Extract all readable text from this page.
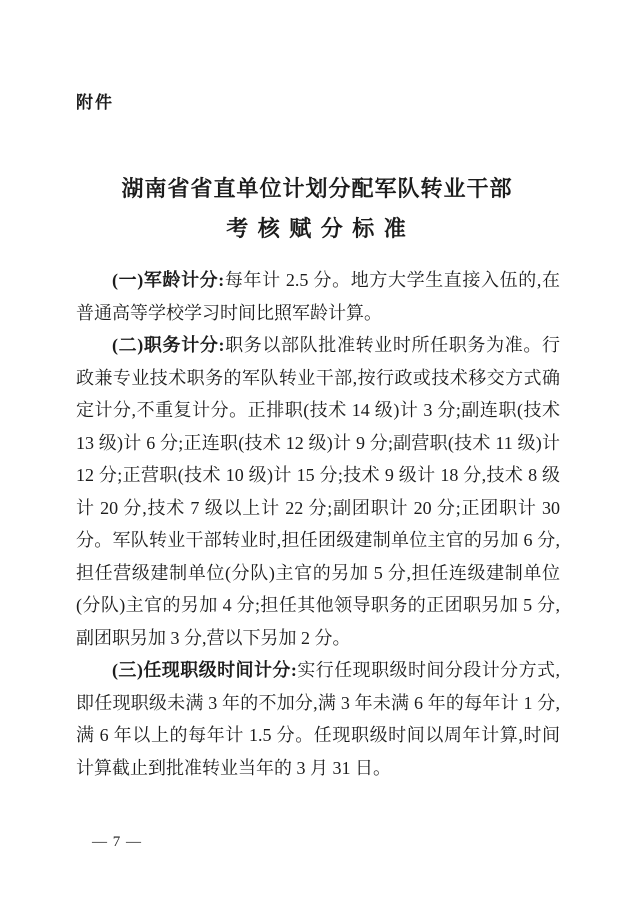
附件
湖南省省直单位计划分配军队转业干部
考 核 赋 分 标 准

(一)军龄计分:每年计 2.5 分。地方大学生直接入伍的,在普通高等学校学习时间比照军龄计算。

(二)职务计分:职务以部队批准转业时所任职务为准。行政兼专业技术职务的军队转业干部,按行政或技术移交方式确定计分,不重复计分。正排职(技术 14 级)计 3 分;副连职(技术 13 级)计 6 分;正连职(技术 12 级)计 9 分;副营职(技术 11 级)计 12 分;正营职(技术 10 级)计 15 分;技术 9 级计 18 分,技术 8 级计 20 分,技术 7 级以上计 22 分;副团职计 20 分;正团职计 30 分。军队转业干部转业时,担任团级建制单位主官的另加 6 分,担任营级建制单位(分队)主官的另加 5 分,担任连级建制单位(分队)主官的另加 4 分;担任其他领导职务的正团职另加 5 分,副团职另加 3 分,营以下另加 2 分。

(三)任现职级时间计分:实行任现职级时间分段计分方式,即任现职级未满 3 年的不加分,满 3 年未满 6 年的每年计 1 分,满 6 年以上的每年计 1.5 分。任现职级时间以周年计算,时间计算截止到批准转业当年的 3 月 31 日。

— 7 —
